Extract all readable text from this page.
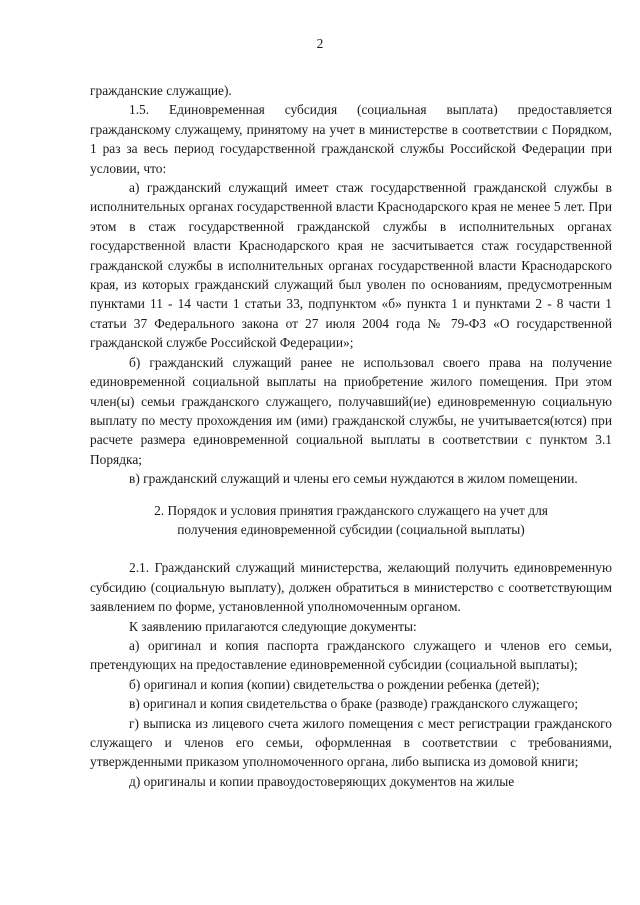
2

гражданские служащие).

1.5. Единовременная субсидия (социальная выплата) предоставляется гражданскому служащему, принятому на учет в министерстве в соответствии с Порядком, 1 раз за весь период государственной гражданской службы Российской Федерации при условии, что:

а) гражданский служащий имеет стаж государственной гражданской службы в исполнительных органах государственной власти Краснодарского края не менее 5 лет. При этом в стаж государственной гражданской службы в исполнительных органах государственной власти Краснодарского края не засчитывается стаж государственной гражданской службы в исполнительных органах государственной власти Краснодарского края, из которых гражданский служащий был уволен по основаниям, предусмотренным пунктами 11 - 14 части 1 статьи 33, подпунктом «б» пункта 1 и пунктами 2 - 8 части 1 статьи 37 Федерального закона от 27 июля 2004 года № 79-ФЗ «О государственной гражданской службе Российской Федерации»;

б) гражданский служащий ранее не использовал своего права на получение единовременной социальной выплаты на приобретение жилого помещения. При этом член(ы) семьи гражданского служащего, получавший(ие) единовременную социальную выплату по месту прохождения им (ими) гражданской службы, не учитывается(ются) при расчете размера единовременной социальной выплаты в соответствии с пунктом 3.1 Порядка;

в) гражданский служащий и члены его семьи нуждаются в жилом помещении.

2. Порядок и условия принятия гражданского служащего на учет для
получения единовременной субсидии (социальной выплаты)

2.1. Гражданский служащий министерства, желающий получить единовременную субсидию (социальную выплату), должен обратиться в министерство с соответствующим заявлением по форме, установленной уполномоченным органом.

К заявлению прилагаются следующие документы:

а) оригинал и копия паспорта гражданского служащего и членов его семьи, претендующих на предоставление единовременной субсидии (социальной выплаты);

б) оригинал и копия (копии) свидетельства о рождении ребенка (детей);

в) оригинал и копия свидетельства о браке (разводе) гражданского служащего;

г) выписка из лицевого счета жилого помещения с мест регистрации гражданского служащего и членов его семьи, оформленная в соответствии с требованиями, утвержденными приказом уполномоченного органа, либо выписка из домовой книги;

д) оригиналы и копии правоудостоверяющих документов на жилые
